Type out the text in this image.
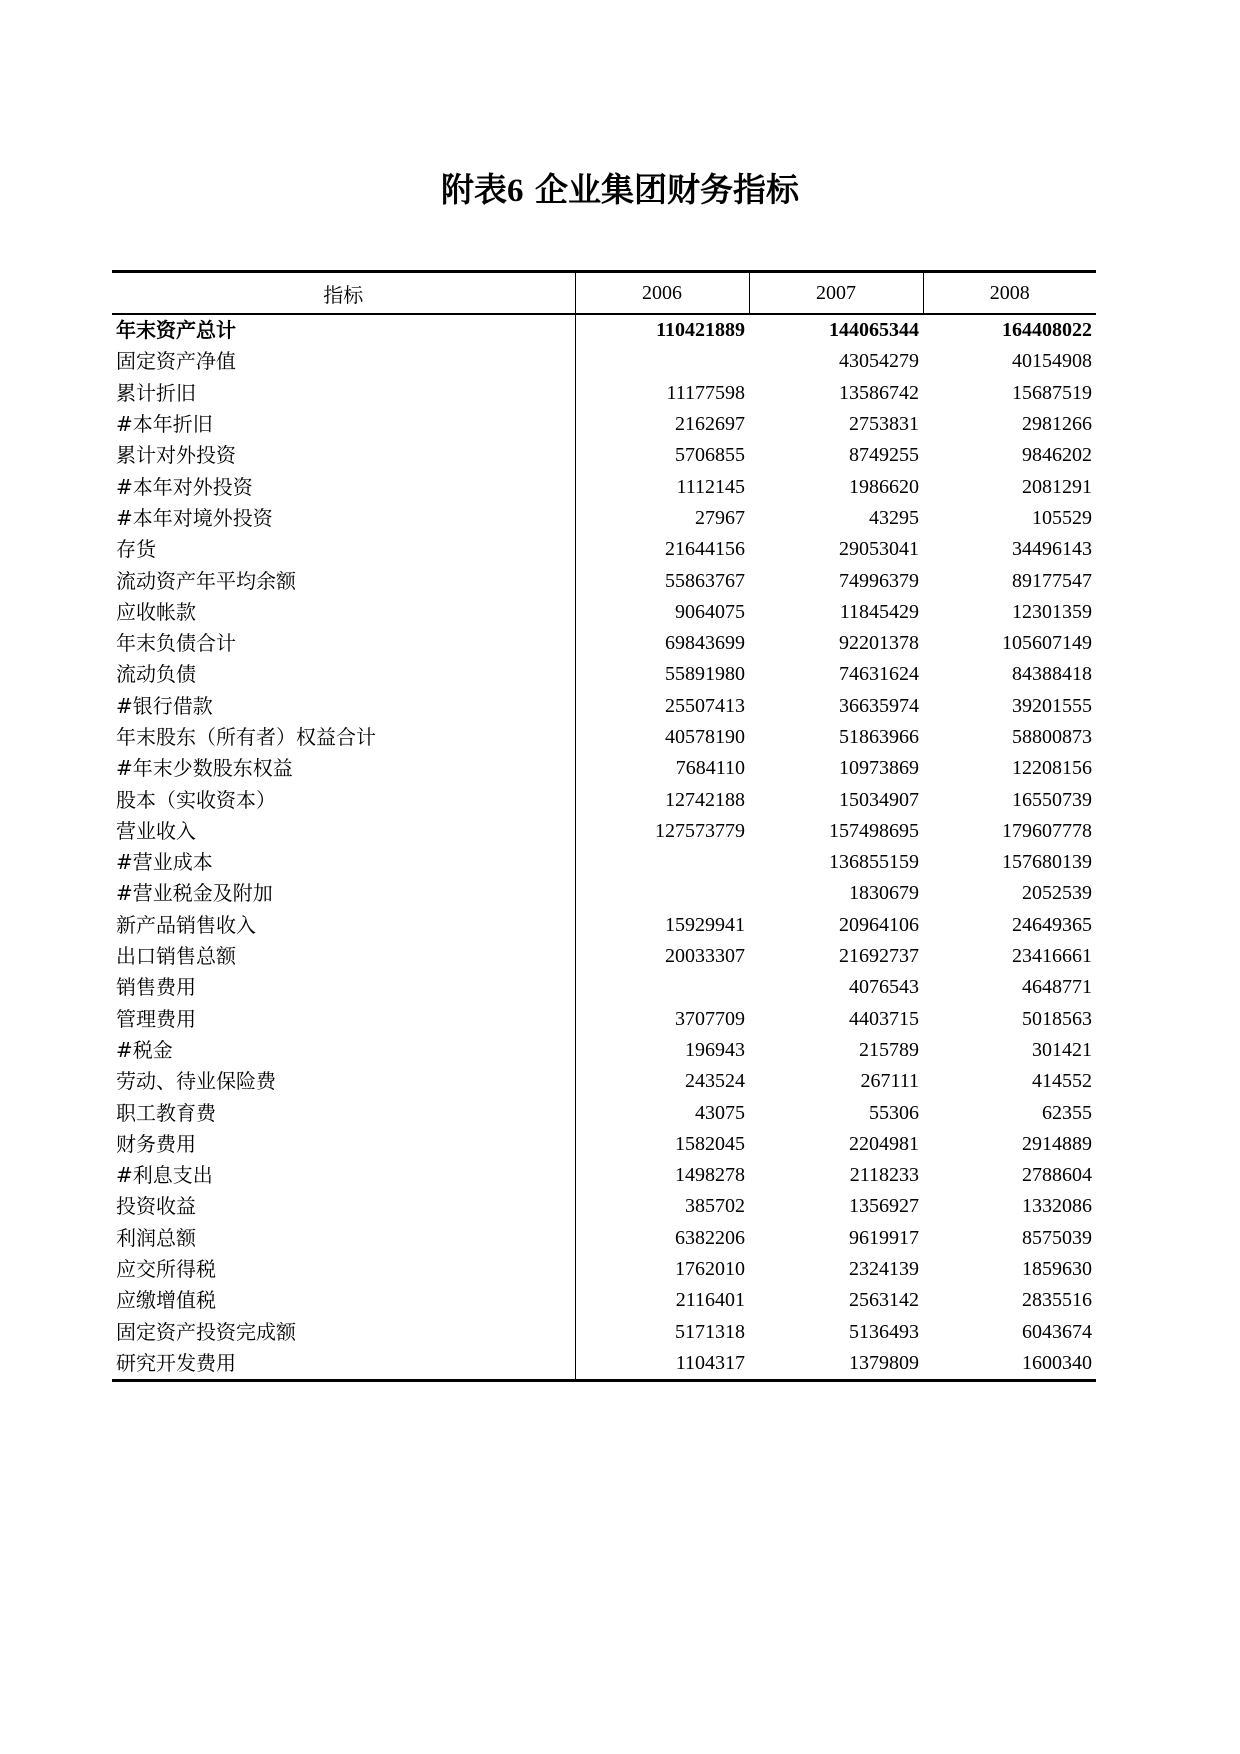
附表6 企业集团财务指标
指标	2006	2007	2008
年末资产总计	110421889	144065344	164408022
固定资产净值		43054279	40154908
累计折旧	11177598	13586742	15687519
#本年折旧	2162697	2753831	2981266
累计对外投资	5706855	8749255	9846202
#本年对外投资	1112145	1986620	2081291
#本年对境外投资	27967	43295	105529
存货	21644156	29053041	34496143
流动资产年平均余额	55863767	74996379	89177547
应收帐款	9064075	11845429	12301359
年末负债合计	69843699	92201378	105607149
流动负债	55891980	74631624	84388418
#银行借款	25507413	36635974	39201555
年末股东（所有者）权益合计	40578190	51863966	58800873
#年末少数股东权益	7684110	10973869	12208156
股本（实收资本）	12742188	15034907	16550739
营业收入	127573779	157498695	179607778
#营业成本		136855159	157680139
#营业税金及附加		1830679	2052539
新产品销售收入	15929941	20964106	24649365
出口销售总额	20033307	21692737	23416661
销售费用		4076543	4648771
管理费用	3707709	4403715	5018563
#税金	196943	215789	301421
劳动、待业保险费	243524	267111	414552
职工教育费	43075	55306	62355
财务费用	1582045	2204981	2914889
#利息支出	1498278	2118233	2788604
投资收益	385702	1356927	1332086
利润总额	6382206	9619917	8575039
应交所得税	1762010	2324139	1859630
应缴增值税	2116401	2563142	2835516
固定资产投资完成额	5171318	5136493	6043674
研究开发费用	1104317	1379809	1600340
